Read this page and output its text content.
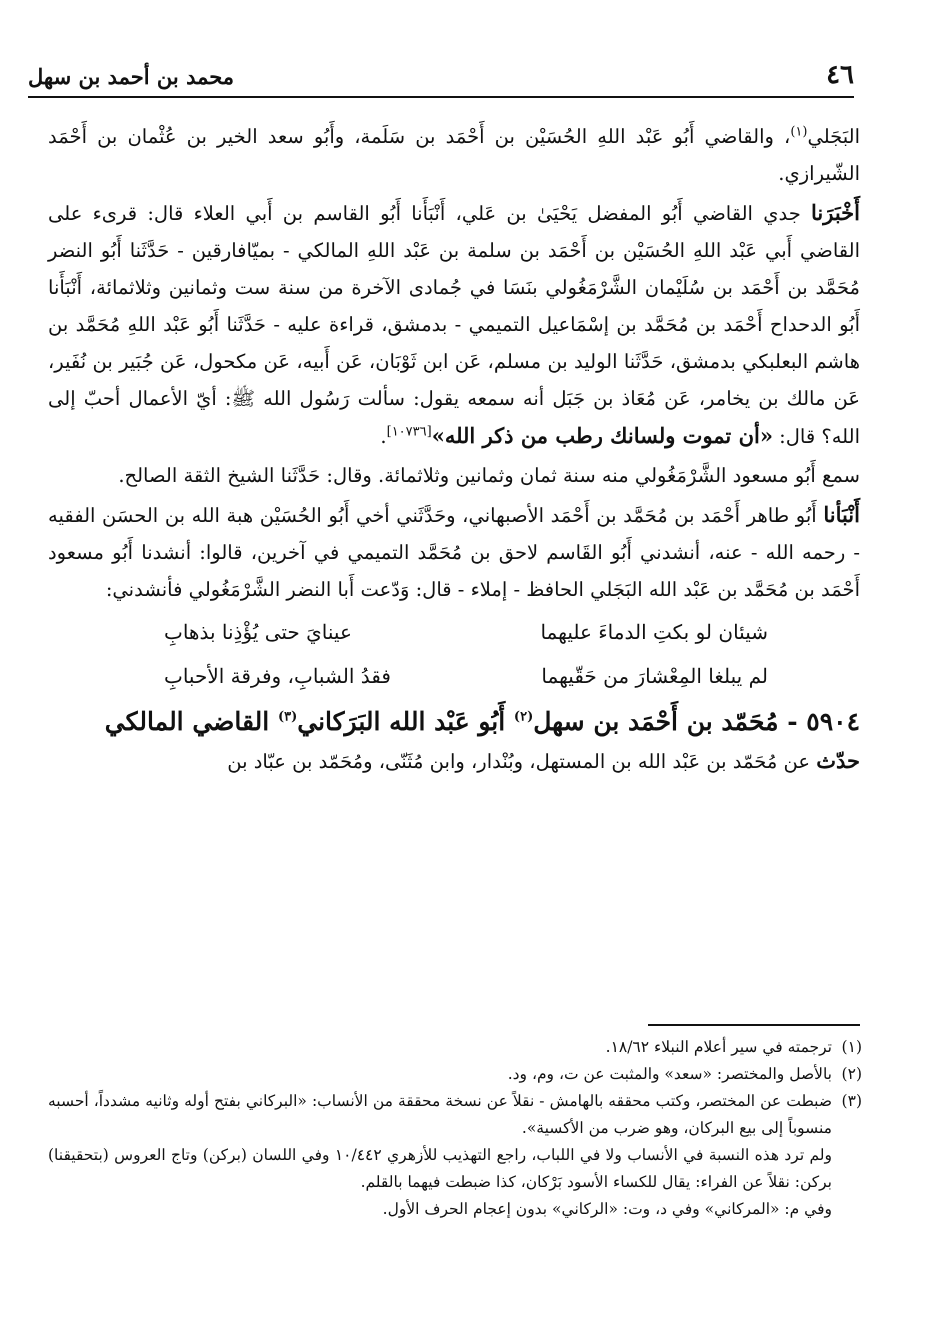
٤٦
محمد بن أحمد بن سهل

البَجَلي$^{(١)}$، والقاضي أَبُو عَبْد اللهِ الحُسَيْن بن أَحْمَد بن سَلَمة، وأَبُو سعد الخير بن عُثْمان بن أَحْمَد الشّيرازي.

أَخْبَرَنا جدي القاضي أَبُو المفضل يَحْيَىٰ بن عَلي، أَنْبَأَنا أَبُو القاسم بن أَبي العلاء قال: قرىء على القاضي أَبي عَبْد اللهِ الحُسَيْن بن أَحْمَد بن سلمة بن عَبْد اللهِ المالكي - بميّافارقين - حَدَّثَنا أَبُو النضر مُحَمَّد بن أَحْمَد بن سُلَيْمان الشَّرْمَغُولي بنَسَا في جُمادى الآخرة من سنة ست وثمانين وثلاثمائة، أَنْبَأَنا أَبُو الدحداح أَحْمَد بن مُحَمَّد بن إسْمَاعيل التميمي - بدمشق، قراءة عليه - حَدَّثَنا أَبُو عَبْد اللهِ مُحَمَّد بن هاشم البعلبكي بدمشق، حَدَّثَنا الوليد بن مسلم، عَن ابن ثَوْبَان، عَن أَبيه، عَن مكحول، عَن جُبَير بن نُفَير، عَن مالك بن يخامر، عَن مُعَاذ بن جَبَل أنه سمعه يقول: سألت رَسُول الله ﷺ: أيّ الأعمال أحبّ إلى الله؟ قال: «أن تموت ولسانك رطب من ذكر الله»[١٠٧٣٦].

سمع أَبُو مسعود الشَّرْمَغُولي منه سنة ثمان وثمانين وثلاثمائة. وقال: حَدَّثَنا الشيخ الثقة الصالح.

أَنْبَأنا أَبُو طاهر أَحْمَد بن مُحَمَّد بن أَحْمَد الأصبهاني، وحَدَّثَني أخي أَبُو الحُسَيْن هبة الله بن الحسَن الفقيه - رحمه الله - عنه، أنشدني أَبُو القَاسم لاحق بن مُحَمَّد التميمي في آخرين، قالوا: أنشدنا أَبُو مسعود أَحْمَد بن مُحَمَّد بن عَبْد الله البَجَلي الحافظ - إملاء - قال: وَدّعت أَبا النضر الشَّرْمَغُولي فأنشدني:

شيئان لو بكتِ الدماءَ عليهما
عينايَ حتى يُؤْذِنا بذهابِ
لم يبلغا المِعْشارَ من حَقّيهما
فقدُ الشبابِ، وفرقة الأحبابِ
٥٩٠٤ - مُحَمّد بن أَحْمَد بن سهل$^{(٢)}$ أَبُو عَبْد الله البَرَكاني$^{(٣)}$ القاضي المالكي

حدّث عن مُحَمّد بن عَبْد الله بن المستهل، وبُنْدار، وابن مُثَنّى، ومُحَمّد بن عبّاد بن

(١)
ترجمته في سير أعلام النبلاء ١٨/٦٢.
(٢)
بالأصل والمختصر: «سعد» والمثبت عن ت، وم، ود.
(٣)
ضبطت عن المختصر، وكتب محققه بالهامش - نقلاً عن نسخة محققة من الأنساب: «البركاني بفتح أوله وثانيه مشدداً، أحسبه منسوباً إلى بيع البركان، وهو ضرب من الأكسية».
ولم ترد هذه النسبة في الأنساب ولا في اللباب، راجع التهذيب للأزهري ١٠/٤٤٢ وفي اللسان (بركن) وتاج العروس (بتحقيقنا) بركن: نقلاً عن الفراء: يقال للكساء الأسود بَرْكان، كذا ضبطت فيهما بالقلم.
وفي م: «المركاني» وفي د، وت: «الركاني» بدون إعجام الحرف الأول.
